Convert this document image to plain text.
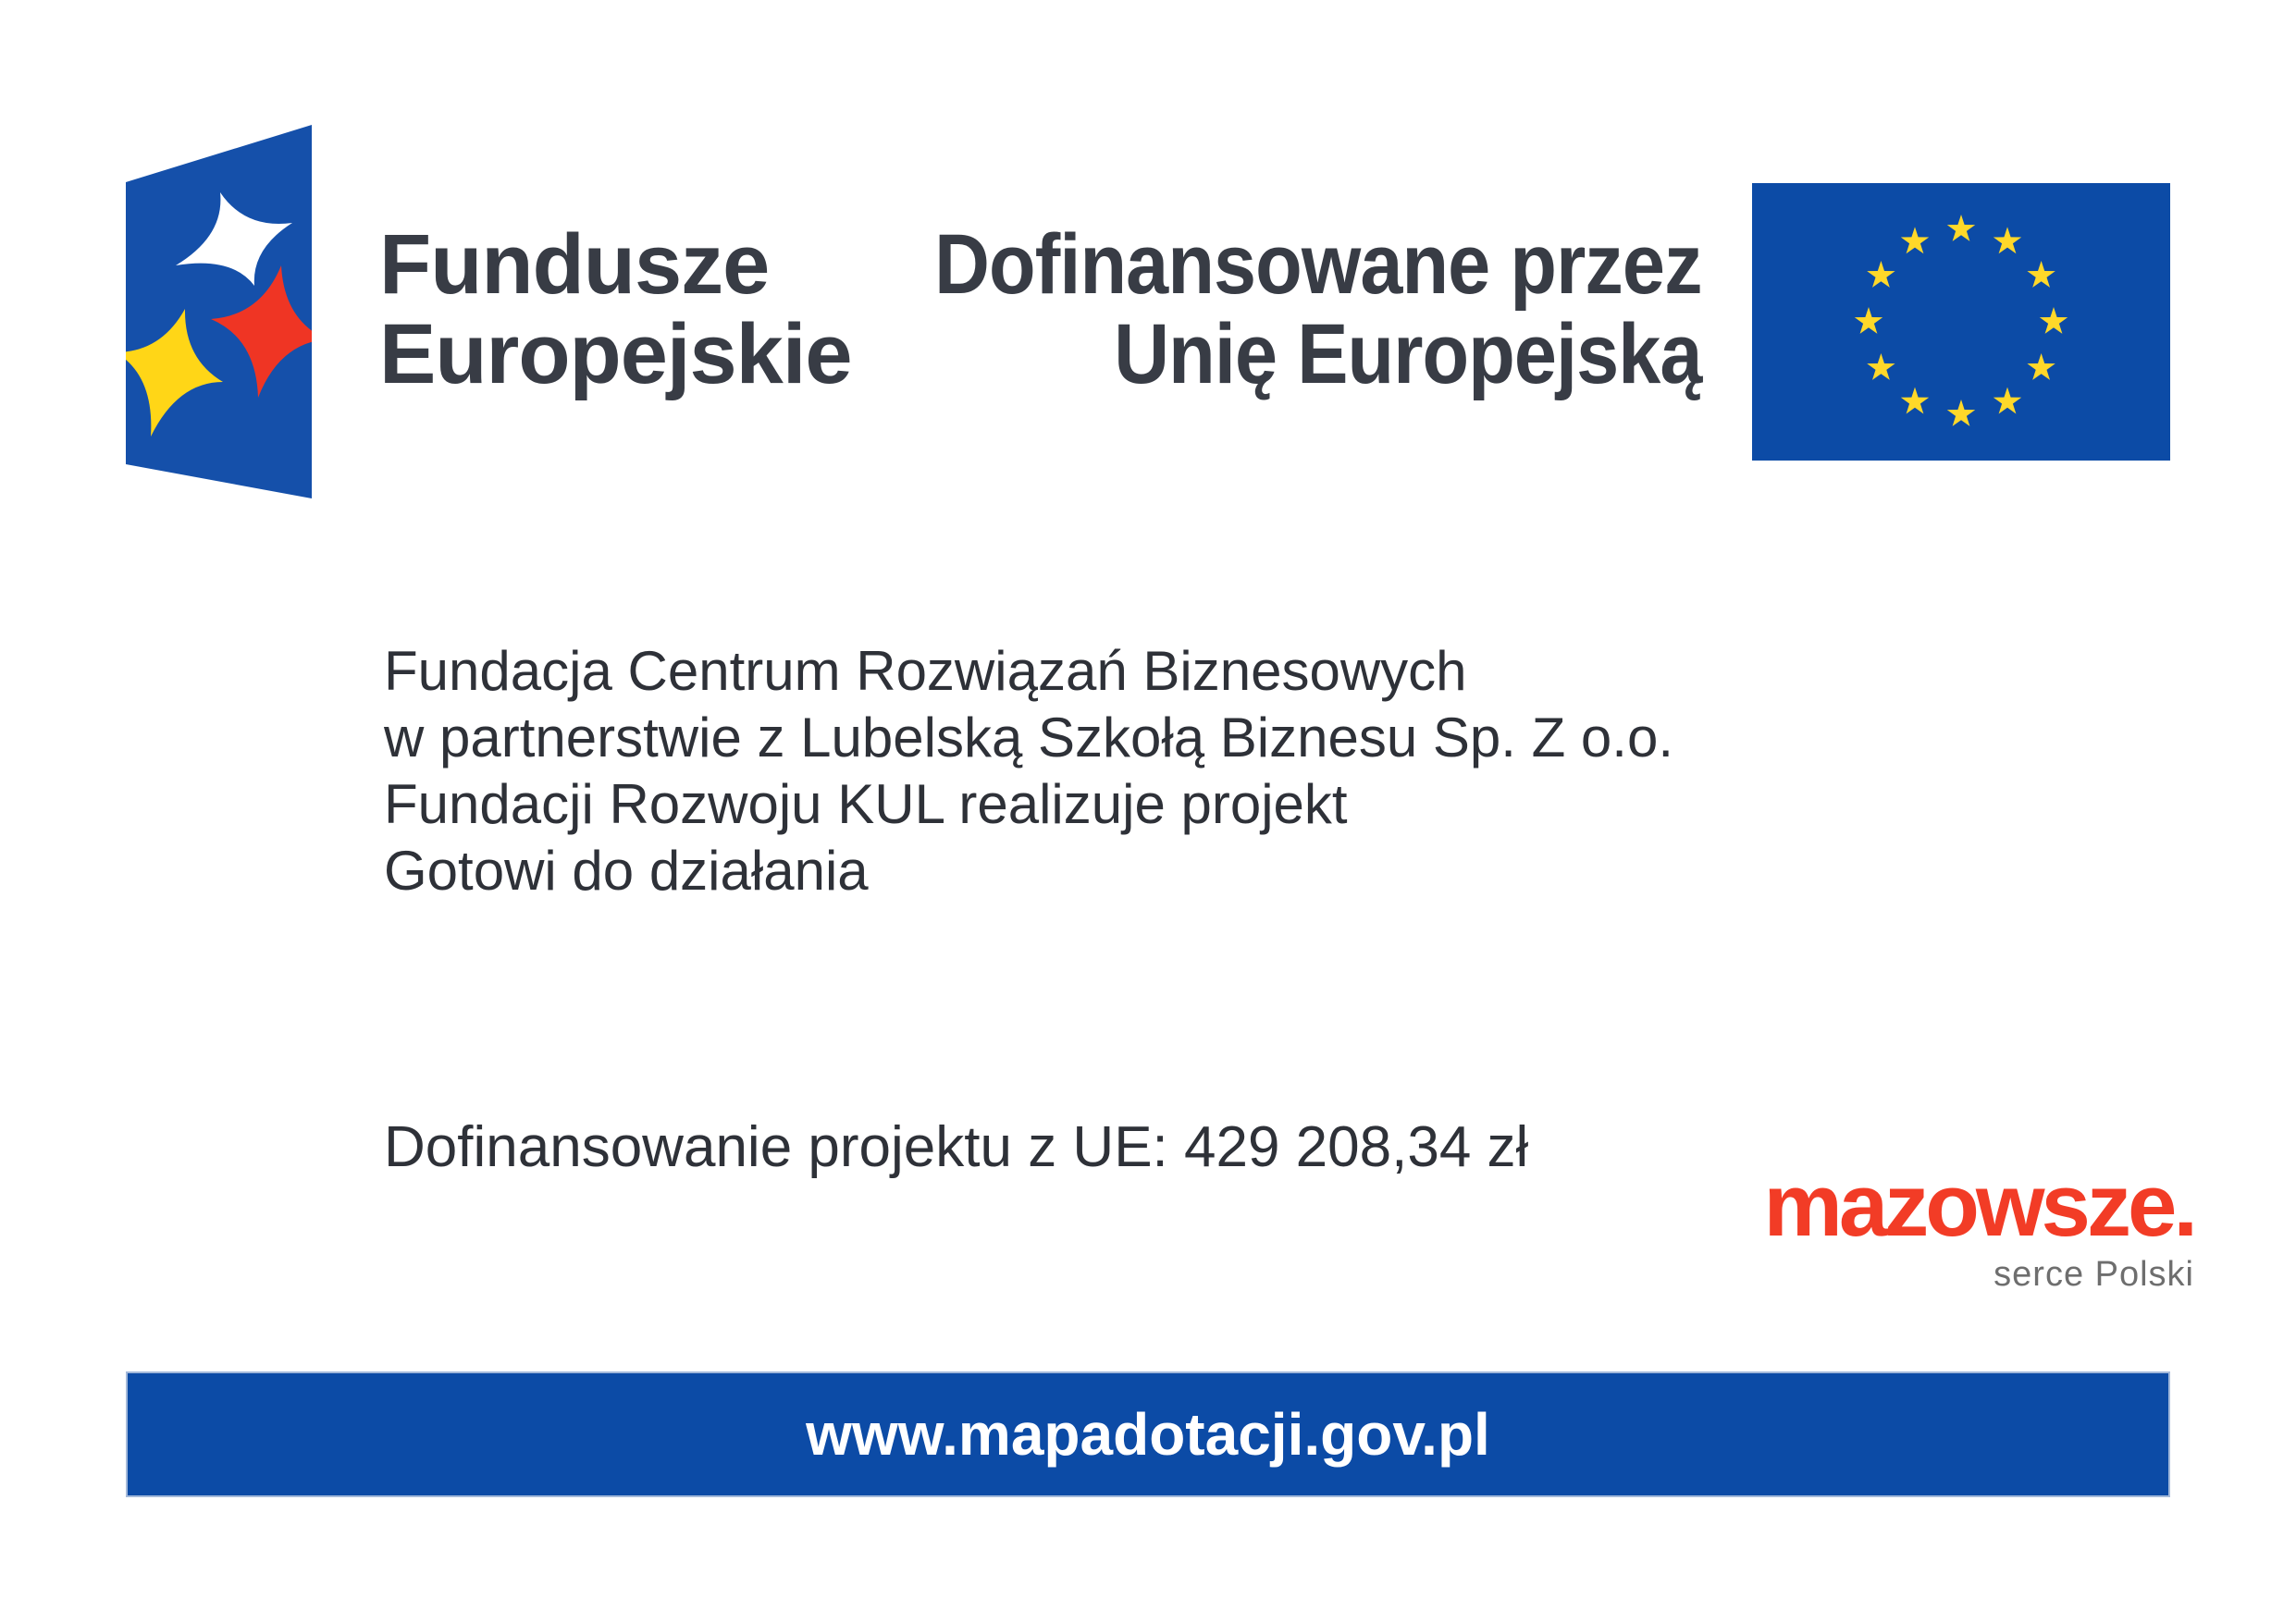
Fundusze
Europejskie
Dofinansowane przez
Unię Europejską
Fundacja Centrum Rozwiązań Biznesowych
w partnerstwie z Lubelską Szkołą Biznesu Sp. Z o.o.
Fundacji Rozwoju KUL realizuje projekt
Gotowi do działania
Dofinansowanie projektu z UE: 429 208,34 zł
mazowsze.
serce Polski
www.mapadotacji.gov.pl
